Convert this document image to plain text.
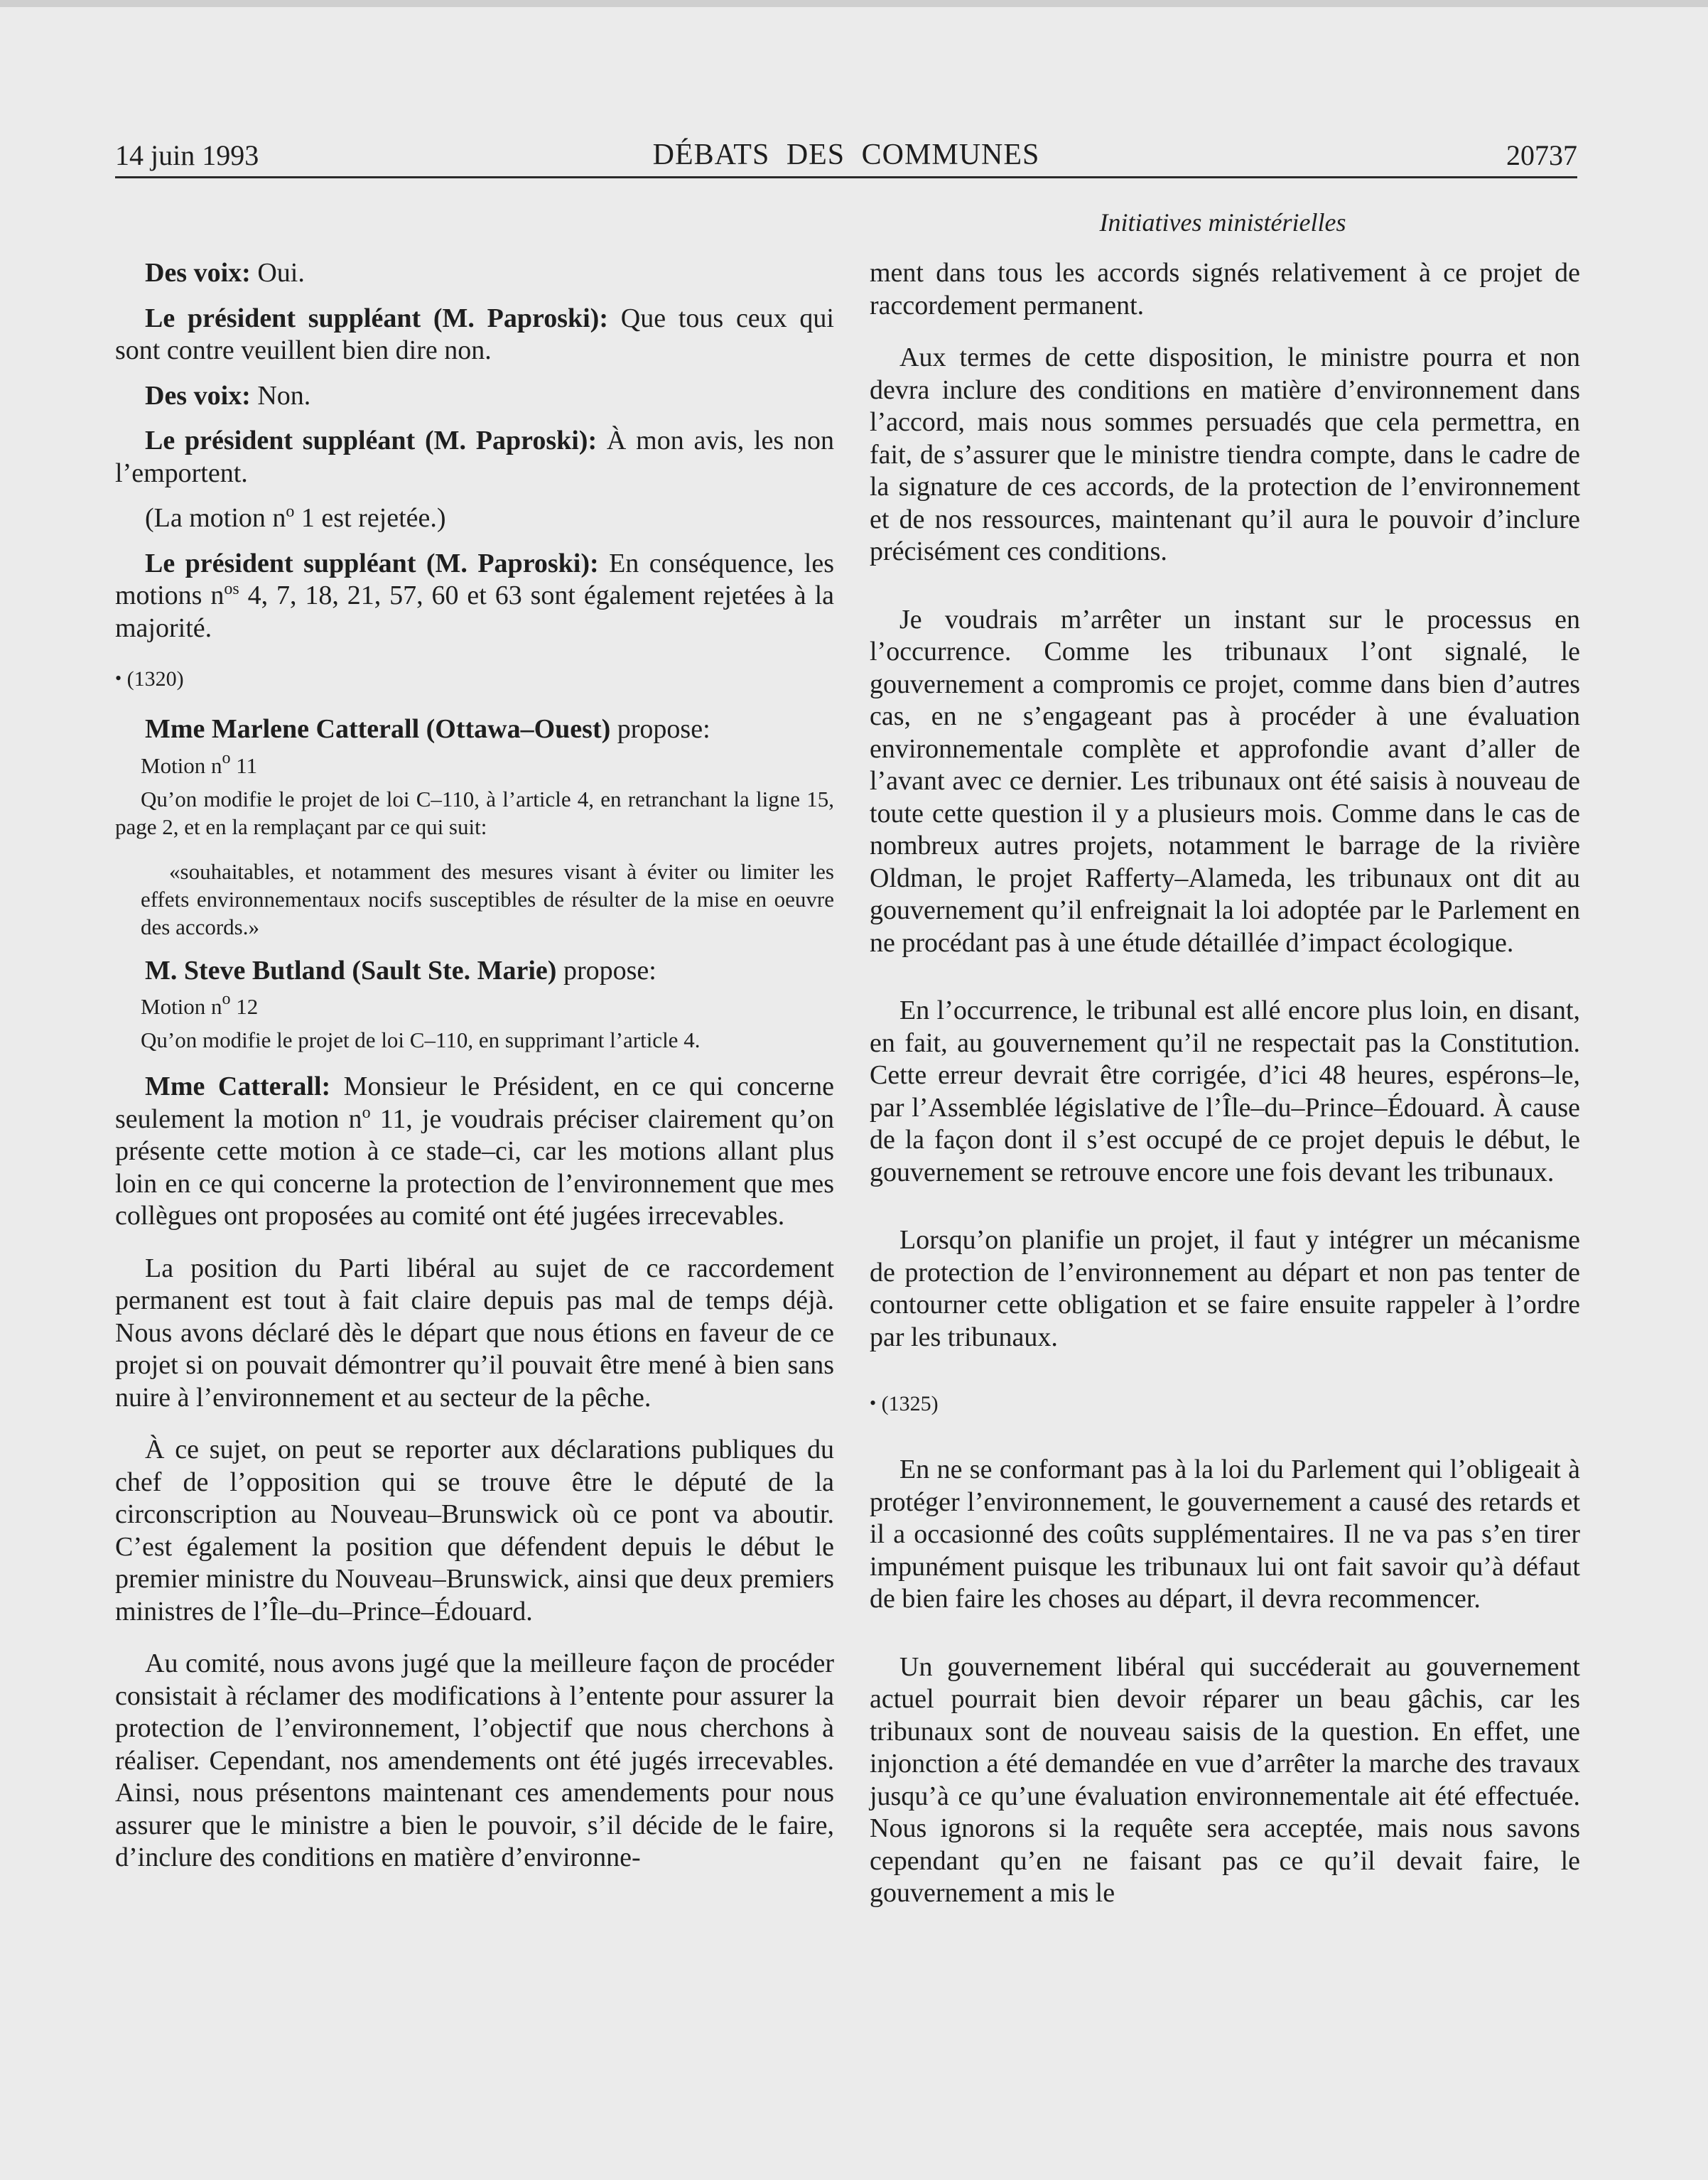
14 juin 1993	DÉBATS DES COMMUNES	20737
Initiatives ministérielles

Des voix: Oui.

Le président suppléant (M. Paproski): Que tous ceux qui sont contre veuillent bien dire non.

Des voix: Non.

Le président suppléant (M. Paproski): À mon avis, les non l’emportent.

(La motion $n^o$ 1 est rejetée.)

Le président suppléant (M. Paproski): En conséquence, les motions $n^{os}$ 4, 7, 18, 21, 57, 60 et 63 sont également rejetées à la majorité.

• (1320)

Mme Marlene Catterall (Ottawa–Ouest) propose:

Motion $n^o$ 11

Qu’on modifie le projet de loi C–110, à l’article 4, en retranchant la ligne 15, page 2, et en la remplaçant par ce qui suit:

«souhaitables, et notamment des mesures visant à éviter ou limiter les effets environnementaux nocifs susceptibles de résulter de la mise en oeuvre des accords.»

M. Steve Butland (Sault Ste. Marie) propose:

Motion $n^o$ 12

Qu’on modifie le projet de loi C–110, en supprimant l’article 4.

Mme Catterall: Monsieur le Président, en ce qui concerne seulement la motion $n^o$ 11, je voudrais préciser clairement qu’on présente cette motion à ce stade–ci, car les motions allant plus loin en ce qui concerne la protection de l’environnement que mes collègues ont proposées au comité ont été jugées irrecevables.

La position du Parti libéral au sujet de ce raccordement permanent est tout à fait claire depuis pas mal de temps déjà. Nous avons déclaré dès le départ que nous étions en faveur de ce projet si on pouvait démontrer qu’il pouvait être mené à bien sans nuire à l’environnement et au secteur de la pêche.

À ce sujet, on peut se reporter aux déclarations publiques du chef de l’opposition qui se trouve être le député de la circonscription au Nouveau–Brunswick où ce pont va aboutir. C’est également la position que défendent depuis le début le premier ministre du Nouveau–Brunswick, ainsi que deux premiers ministres de l’Île–du–Prince–Édouard.

Au comité, nous avons jugé que la meilleure façon de procéder consistait à réclamer des modifications à l’entente pour assurer la protection de l’environnement, l’objectif que nous cherchons à réaliser. Cependant, nos amendements ont été jugés irrecevables. Ainsi, nous présentons maintenant ces amendements pour nous assurer que le ministre a bien le pouvoir, s’il décide de le faire, d’inclure des conditions en matière d’environne-

ment dans tous les accords signés relativement à ce projet de raccordement permanent.

Aux termes de cette disposition, le ministre pourra et non devra inclure des conditions en matière d’environnement dans l’accord, mais nous sommes persuadés que cela permettra, en fait, de s’assurer que le ministre tiendra compte, dans le cadre de la signature de ces accords, de la protection de l’environnement et de nos ressources, maintenant qu’il aura le pouvoir d’inclure précisément ces conditions.

Je voudrais m’arrêter un instant sur le processus en l’occurrence. Comme les tribunaux l’ont signalé, le gouvernement a compromis ce projet, comme dans bien d’autres cas, en ne s’engageant pas à procéder à une évaluation environnementale complète et approfondie avant d’aller de l’avant avec ce dernier. Les tribunaux ont été saisis à nouveau de toute cette question il y a plusieurs mois. Comme dans le cas de nombreux autres projets, notamment le barrage de la rivière Oldman, le projet Rafferty–Alameda, les tribunaux ont dit au gouvernement qu’il enfreignait la loi adoptée par le Parlement en ne procédant pas à une étude détaillée d’impact écologique.

En l’occurrence, le tribunal est allé encore plus loin, en disant, en fait, au gouvernement qu’il ne respectait pas la Constitution. Cette erreur devrait être corrigée, d’ici 48 heures, espérons–le, par l’Assemblée législative de l’Île–du–Prince–Édouard. À cause de la façon dont il s’est occupé de ce projet depuis le début, le gouvernement se retrouve encore une fois devant les tribunaux.

Lorsqu’on planifie un projet, il faut y intégrer un mécanisme de protection de l’environnement au départ et non pas tenter de contourner cette obligation et se faire ensuite rappeler à l’ordre par les tribunaux.

• (1325)

En ne se conformant pas à la loi du Parlement qui l’obligeait à protéger l’environnement, le gouvernement a causé des retards et il a occasionné des coûts supplémentaires. Il ne va pas s’en tirer impunément puisque les tribunaux lui ont fait savoir qu’à défaut de bien faire les choses au départ, il devra recommencer.

Un gouvernement libéral qui succéderait au gouvernement actuel pourrait bien devoir réparer un beau gâchis, car les tribunaux sont de nouveau saisis de la question. En effet, une injonction a été demandée en vue d’arrêter la marche des travaux jusqu’à ce qu’une évaluation environnementale ait été effectuée. Nous ignorons si la requête sera acceptée, mais nous savons cependant qu’en ne faisant pas ce qu’il devait faire, le gouvernement a mis le
